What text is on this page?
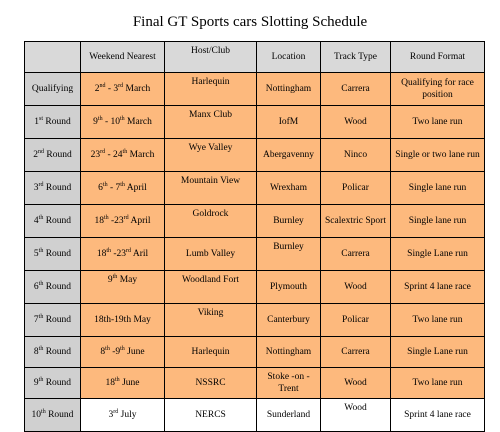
Final GT Sports cars Slotting Schedule
	Weekend Nearest	Host/Club	Location	Track Type	Round Format
Qualifying	2nd - 3rd March	Harlequin	Nottingham	Carrera	Qualifying for race position
1st Round	9th - 10th March	Manx Club	IofM	Wood	Two lane run
2nd Round	23rd - 24th March	Wye Valley	Abergavenny	Ninco	Single or two lane run
3rd Round	6th - 7th April	Mountain View	Wrexham	Policar	Single lane run
4th Round	18th -23rd April	Goldrock	Burnley	Scalextric Sport	Single lane run
5th Round	18th -23rd Aril	Lumb Valley	Burnley	Carrera	Single Lane run
6th Round	9th May	Woodland Fort	Plymouth	Wood	Sprint 4 lane race
7th Round	18th-19th May	Viking	Canterbury	Policar	Two lane run
8th Round	8th -9th June	Harlequin	Nottingham	Carrera	Single Lane run
9th Round	18th June	NSSRC	Stoke -on - Trent	Wood	Two lane run
10th Round	3rd July	NERCS	Sunderland	Wood	Sprint 4 lane race
